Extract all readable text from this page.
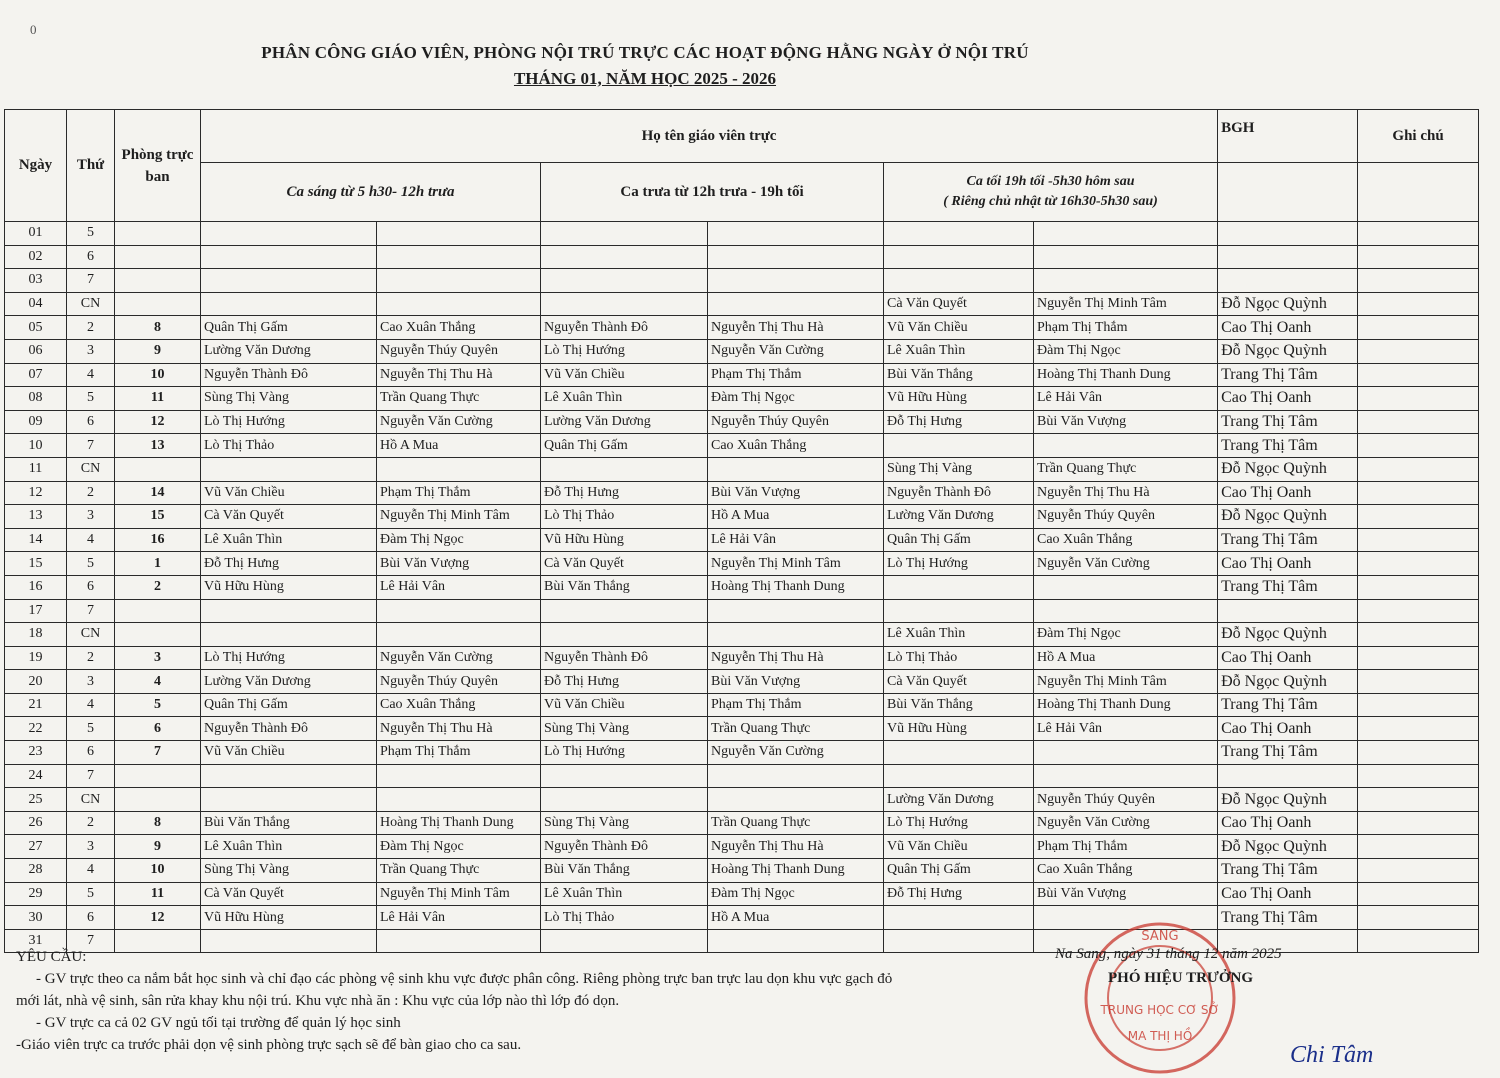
0
PHÂN CÔNG GIÁO VIÊN, PHÒNG NỘI TRÚ TRỰC CÁC HOẠT ĐỘNG HẰNG NGÀY Ở NỘI TRÚ
THÁNG 01, NĂM HỌC 2025 - 2026
Ngày	Thứ	Phòng trực ban	Họ tên giáo viên trực						BGH	Ghi chú
			Ca sáng từ 5 h30- 12h trưa		Ca trưa từ 12h trưa - 19h tối		Ca tối 19h tối -5h30 hôm sau
( Riêng chủ nhật từ 16h30-5h30 sau)			

01	5									
02	6									
03	7									
04	CN						Cà Văn Quyết	Nguyễn Thị Minh Tâm	Đỗ Ngọc Quỳnh	
05	2	8	Quân Thị Gấm	Cao Xuân Thắng	Nguyễn Thành Đô	Nguyễn Thị Thu Hà	Vũ Văn Chiều	Phạm Thị Thắm	Cao Thị Oanh	
06	3	9	Lường Văn Dương	Nguyễn Thúy Quyên	Lò Thị Hướng	Nguyễn Văn Cường	Lê Xuân Thìn	Đàm Thị Ngọc	Đỗ Ngọc Quỳnh	
07	4	10	Nguyễn Thành Đô	Nguyễn Thị Thu Hà	Vũ Văn Chiều	Phạm Thị Thắm	Bùi Văn Thắng	Hoàng Thị Thanh Dung	Trang Thị Tâm	
08	5	11	Sùng Thị Vàng	Trần Quang Thực	Lê Xuân Thìn	Đàm Thị Ngọc	Vũ Hữu Hùng	Lê Hải Vân	Cao Thị Oanh	
09	6	12	Lò Thị Hướng	Nguyễn Văn Cường	Lường Văn Dương	Nguyễn Thúy Quyên	Đỗ Thị Hưng	Bùi Văn Vượng	Trang Thị Tâm	
10	7	13	Lò Thị Thảo	Hồ A Mua	Quân Thị Gấm	Cao Xuân Thắng			Trang Thị Tâm	
11	CN						Sùng Thị Vàng	Trần Quang Thực	Đỗ Ngọc Quỳnh	
12	2	14	Vũ Văn Chiều	Phạm Thị Thắm	Đỗ Thị Hưng	Bùi Văn Vượng	Nguyễn Thành Đô	Nguyễn Thị Thu Hà	Cao Thị Oanh	
13	3	15	Cà Văn Quyết	Nguyễn Thị Minh Tâm	Lò Thị Thảo	Hồ A Mua	Lường Văn Dương	Nguyễn Thúy Quyên	Đỗ Ngọc Quỳnh	
14	4	16	Lê Xuân Thìn	Đàm Thị Ngọc	Vũ Hữu Hùng	Lê Hải Vân	Quân Thị Gấm	Cao Xuân Thắng	Trang Thị Tâm	
15	5	1	Đỗ Thị Hưng	Bùi Văn Vượng	Cà Văn Quyết	Nguyễn Thị Minh Tâm	Lò Thị Hướng	Nguyễn Văn Cường	Cao Thị Oanh	
16	6	2	Vũ Hữu Hùng	Lê Hải Vân	Bùi Văn Thắng	Hoàng Thị Thanh Dung			Trang Thị Tâm	
17	7									
18	CN						Lê Xuân Thìn	Đàm Thị Ngọc	Đỗ Ngọc Quỳnh	
19	2	3	Lò Thị Hướng	Nguyễn Văn Cường	Nguyễn Thành Đô	Nguyễn Thị Thu Hà	Lò Thị Thảo	Hồ A Mua	Cao Thị Oanh	
20	3	4	Lường Văn Dương	Nguyễn Thúy Quyên	Đỗ Thị Hưng	Bùi Văn Vượng	Cà Văn Quyết	Nguyễn Thị Minh Tâm	Đỗ Ngọc Quỳnh	
21	4	5	Quân Thị Gấm	Cao Xuân Thắng	Vũ Văn Chiều	Phạm Thị Thắm	Bùi Văn Thắng	Hoàng Thị Thanh Dung	Trang Thị Tâm	
22	5	6	Nguyễn Thành Đô	Nguyễn Thị Thu Hà	Sùng Thị Vàng	Trần Quang Thực	Vũ Hữu Hùng	Lê Hải Vân	Cao Thị Oanh	
23	6	7	Vũ Văn Chiều	Phạm Thị Thắm	Lò Thị Hướng	Nguyễn Văn Cường			Trang Thị Tâm	
24	7									
25	CN						Lường Văn Dương	Nguyễn Thúy Quyên	Đỗ Ngọc Quỳnh	
26	2	8	Bùi Văn Thắng	Hoàng Thị Thanh Dung	Sùng Thị Vàng	Trần Quang Thực	Lò Thị Hướng	Nguyễn Văn Cường	Cao Thị Oanh	
27	3	9	Lê Xuân Thìn	Đàm Thị Ngọc	Nguyễn Thành Đô	Nguyễn Thị Thu Hà	Vũ Văn Chiều	Phạm Thị Thắm	Đỗ Ngọc Quỳnh	
28	4	10	Sùng Thị Vàng	Trần Quang Thực	Bùi Văn Thắng	Hoàng Thị Thanh Dung	Quân Thị Gấm	Cao Xuân Thắng	Trang Thị Tâm	
29	5	11	Cà Văn Quyết	Nguyễn Thị Minh Tâm	Lê Xuân Thìn	Đàm Thị Ngọc	Đỗ Thị Hưng	Bùi Văn Vượng	Cao Thị Oanh	
30	6	12	Vũ Hữu Hùng	Lê Hải Vân	Lò Thị Thảo	Hồ A Mua			Trang Thị Tâm	
31	7									
YÊU CẦU:
- GV trực theo ca nắm bắt học sinh và chỉ đạo các phòng vệ sinh khu vực được phân công. Riêng phòng trực ban trực lau dọn khu vực gạch đỏ
mới lát, nhà vệ sinh, sân rửa khay khu nội trú. Khu vực nhà ăn : Khu vực của lớp nào thì lớp đó dọn.
- GV trực ca cả 02 GV ngủ tối tại trường để quản lý học sinh
-Giáo viên trực ca trước phải dọn vệ sinh phòng trực sạch sẽ để bàn giao cho ca sau.
SANG
TRUNG HỌC CƠ SỞ
MA THỊ HỒ
Na Sang, ngày 31 tháng 12 năm 2025
PHÓ HIỆU TRƯỞNG
Chi Tâm
